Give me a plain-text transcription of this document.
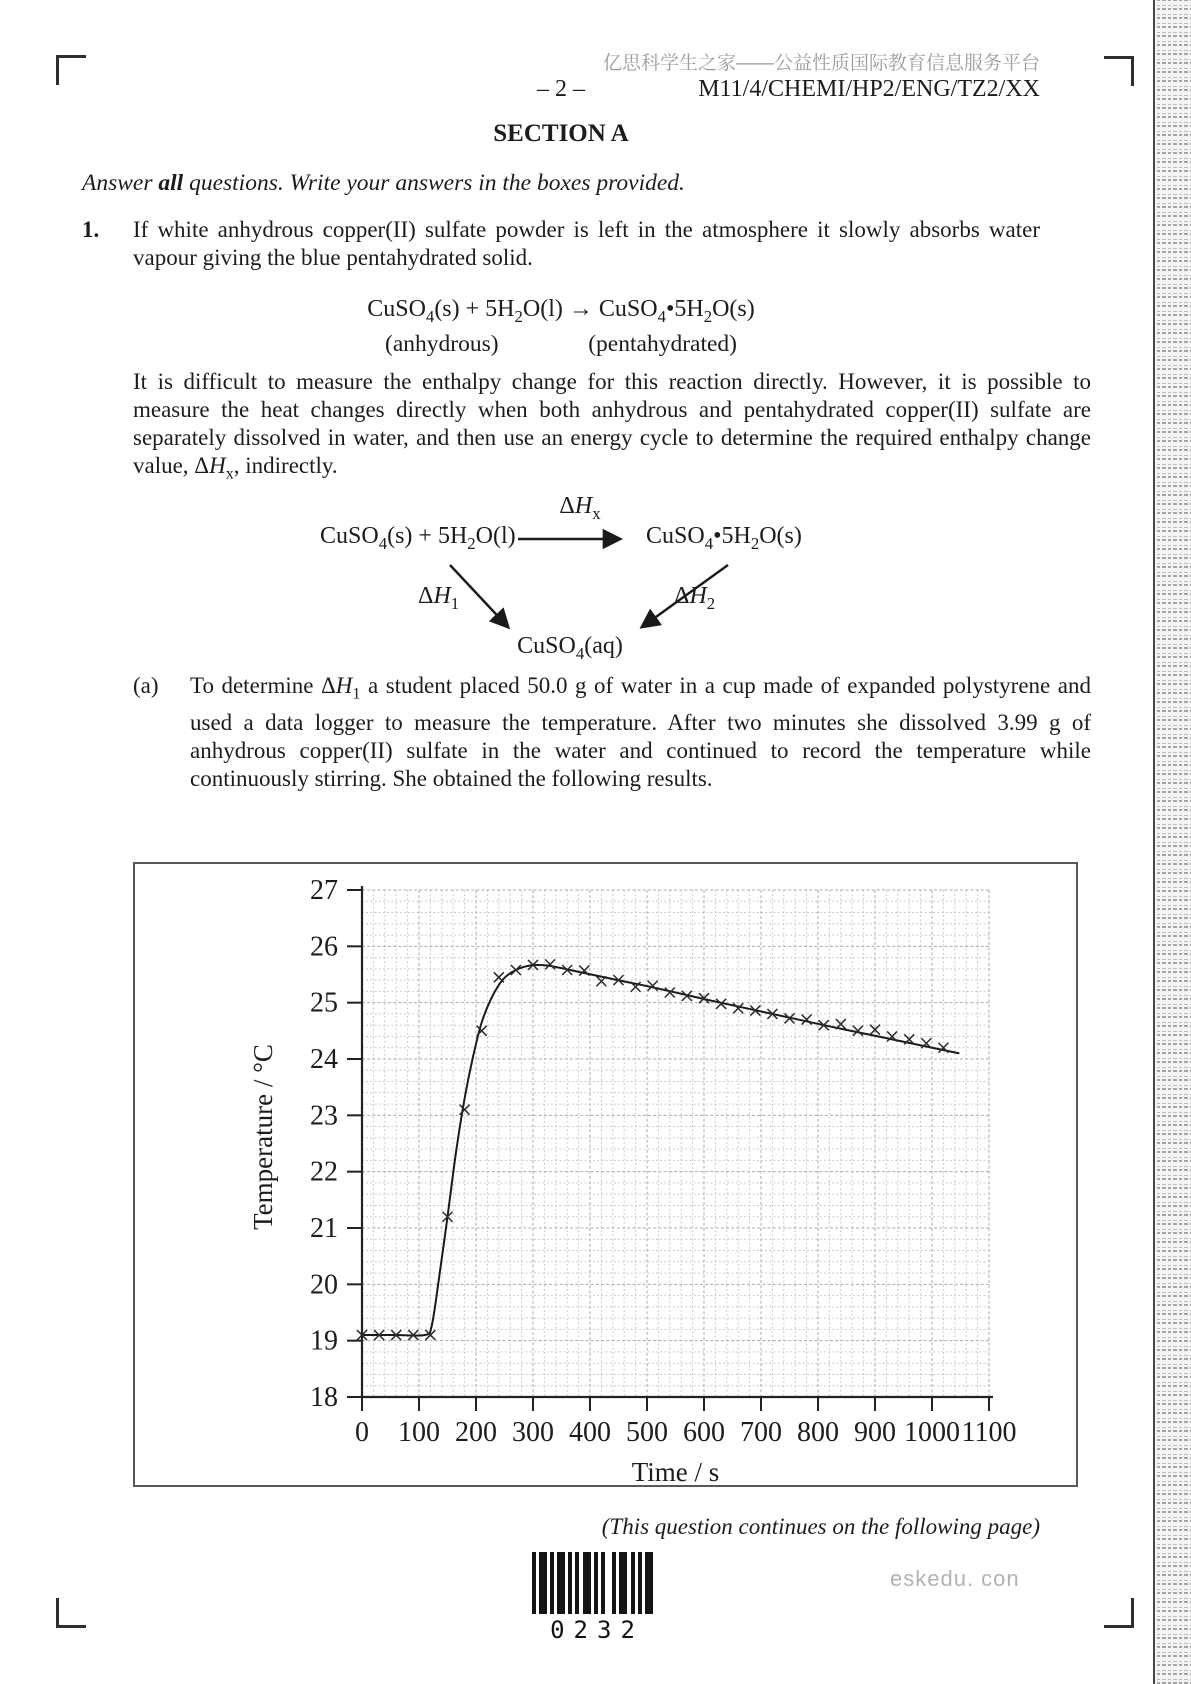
亿思科学生之家——公益性质国际教育信息服务平台
– 2 –	M11/4/CHEMI/HP2/ENG/TZ2/XX
SECTION A
Answer all questions. Write your answers in the boxes provided.
1.	If white anhydrous copper(II) sulfate powder is left in the atmosphere it slowly absorbs water vapour giving the blue pentahydrated solid.
CuSO$_4$(s) + $5H_2O(l)$ → $CuSO_4•5H_2O(s)$
(anhydrous)	(pentahydrated)
It is difficult to measure the enthalpy change for this reaction directly. However, it is possible to measure the heat changes directly when both anhydrous and pentahydrated copper(II) sulfate are separately dissolved in water, and then use an energy cycle to determine the required enthalpy change value, $\Delta H_x$, indirectly.
$\Delta H_x$
CuSO$_4$(s) + $5H_2O(l)$	$CuSO_4•5H_2O(s)$
$\Delta H_1$	$\Delta H_2$
CuSO$_4$(aq)
(a)	To determine $\Delta H_1$ a student placed 50.0 g of water in a cup made of expanded polystyrene and used a data logger to measure the temperature. After two minutes she dissolved 3.99 g of anhydrous copper(II) sulfate in the water and continued to record the temperature while continuously stirring. She obtained the following results.
18
19
20
21
22
23
24
25
26
27
0 100 200 300 400 500 600 700 800 900 1000 1100
Time / s
Temperature / °C
(This question continues on the following page)
0232
eskedu. con
